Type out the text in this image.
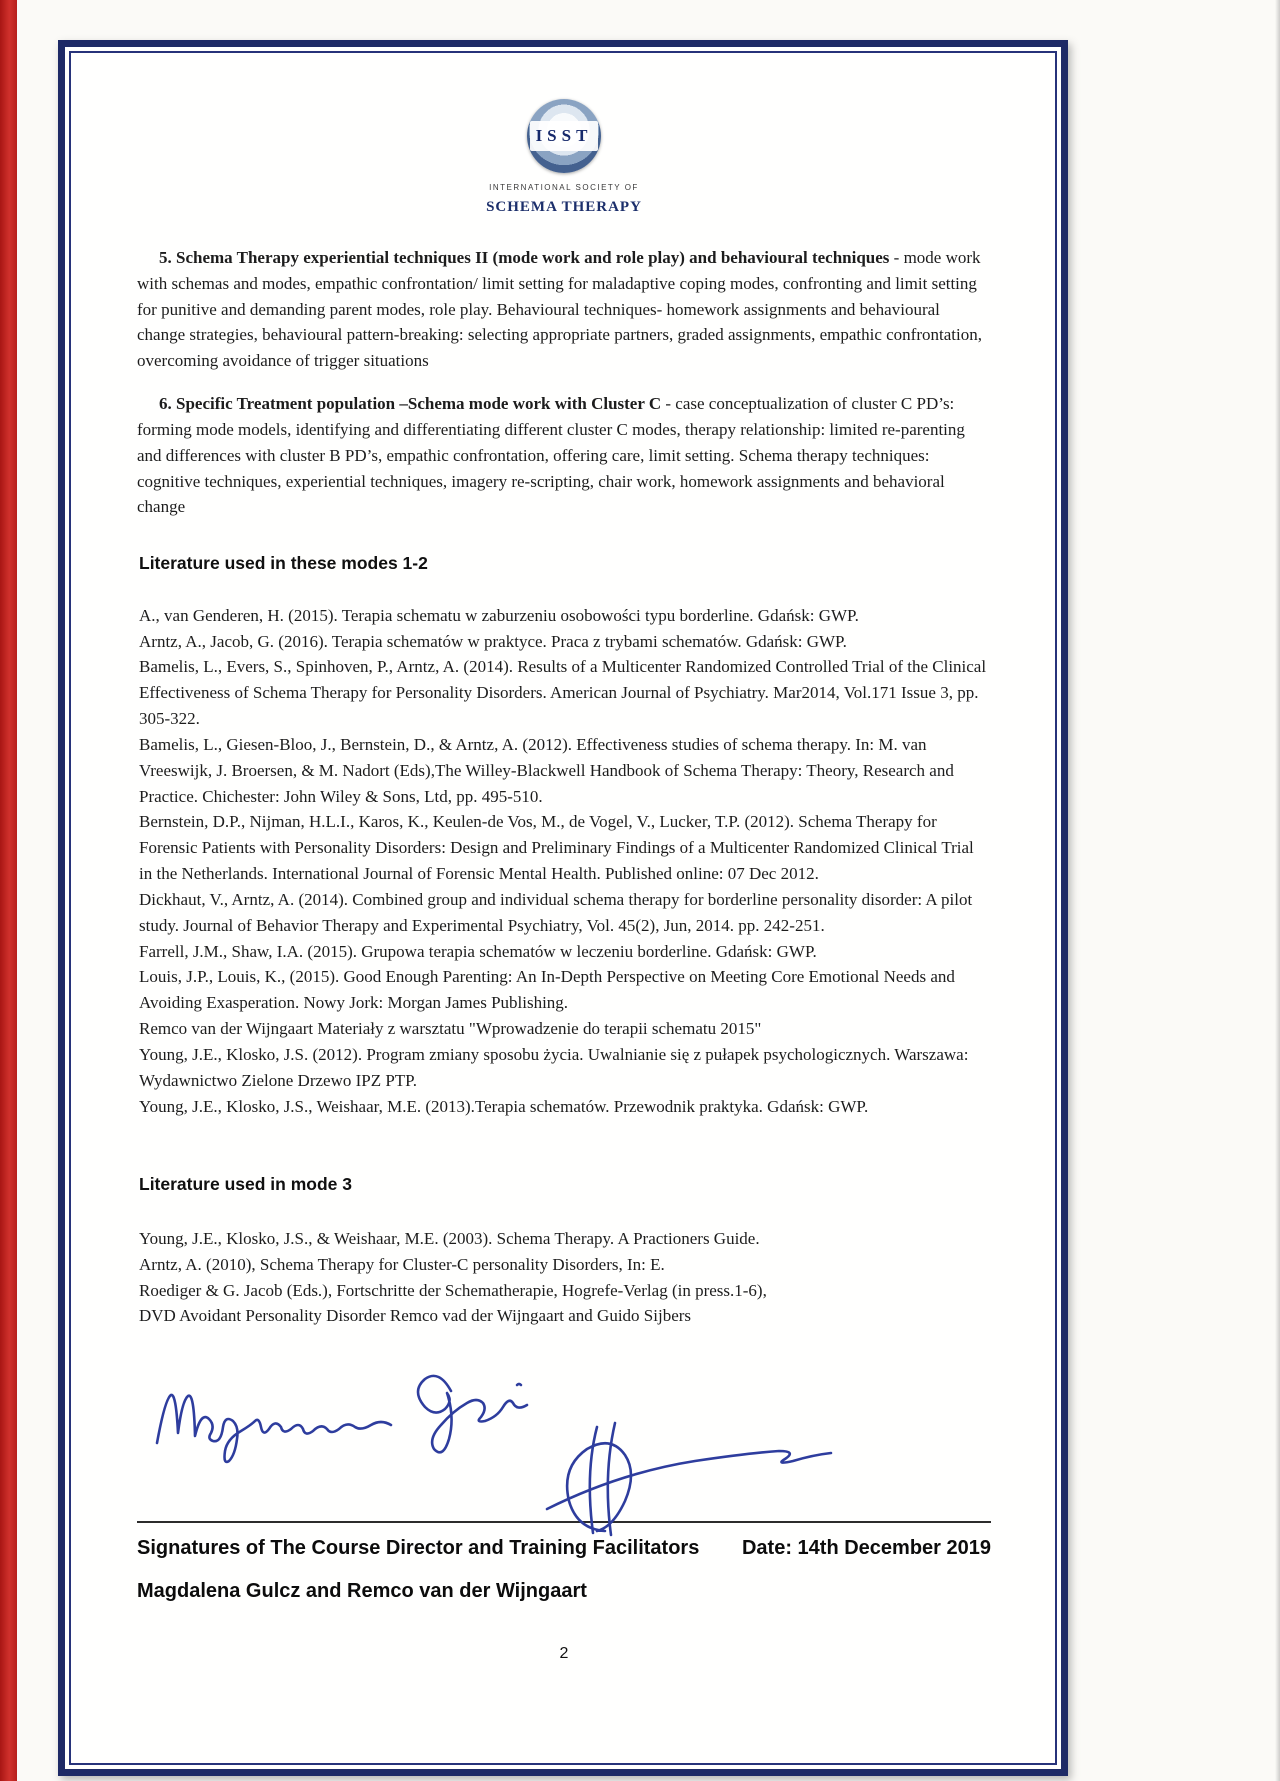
ISST
INTERNATIONAL SOCIETY OF
SCHEMA THERAPY

5. Schema Therapy experiential techniques II (mode work and role play) and behavioural techniques - mode work with schemas and modes, empathic confrontation/ limit setting for maladaptive coping modes, confronting and limit setting for punitive and demanding parent modes, role play. Behavioural techniques- homework assignments and behavioural change strategies, behavioural pattern-breaking: selecting appropriate partners, graded assignments, empathic confrontation, overcoming avoidance of trigger situations

6. Specific Treatment population –Schema mode work with Cluster C - case conceptualization of cluster C PD’s: forming mode models, identifying and differentiating different cluster C modes, therapy relationship: limited re-parenting and differences with cluster B PD’s, empathic confrontation, offering care, limit setting. Schema therapy techniques: cognitive techniques, experiential techniques, imagery re-scripting, chair work, homework assignments and behavioral change

Literature used in these modes 1-2

A., van Genderen, H. (2015). Terapia schematu w zaburzeniu osobowości typu borderline. Gdańsk: GWP.

Arntz, A., Jacob, G. (2016). Terapia schematów w praktyce. Praca z trybami schematów. Gdańsk: GWP.

Bamelis, L., Evers, S., Spinhoven, P., Arntz, A. (2014). Results of a Multicenter Randomized Controlled Trial of the Clinical Effectiveness of Schema Therapy for Personality Disorders. American Journal of Psychiatry. Mar2014, Vol.171 Issue 3, pp. 305-322.

Bamelis, L., Giesen-Bloo, J., Bernstein, D., & Arntz, A. (2012). Effectiveness studies of schema therapy. In: M. van Vreeswijk, J. Broersen, & M. Nadort (Eds),The Willey-Blackwell Handbook of Schema Therapy: Theory, Research and Practice. Chichester: John Wiley & Sons, Ltd, pp. 495-510.

Bernstein, D.P., Nijman, H.L.I., Karos, K., Keulen-de Vos, M., de Vogel, V., Lucker, T.P. (2012). Schema Therapy for Forensic Patients with Personality Disorders: Design and Preliminary Findings of a Multicenter Randomized Clinical Trial in the Netherlands. International Journal of Forensic Mental Health. Published online: 07 Dec 2012.

Dickhaut, V., Arntz, A. (2014). Combined group and individual schema therapy for borderline personality disorder: A pilot study. Journal of Behavior Therapy and Experimental Psychiatry, Vol. 45(2), Jun, 2014. pp. 242-251.

Farrell, J.M., Shaw, I.A. (2015). Grupowa terapia schematów w leczeniu borderline. Gdańsk: GWP.

Louis, J.P., Louis, K., (2015). Good Enough Parenting: An In-Depth Perspective on Meeting Core Emotional Needs and Avoiding Exasperation. Nowy Jork: Morgan James Publishing.

Remco van der Wijngaart Materiały z warsztatu "Wprowadzenie do terapii schematu 2015"

Young, J.E., Klosko, J.S. (2012). Program zmiany sposobu życia. Uwalnianie się z pułapek psychologicznych. Warszawa: Wydawnictwo Zielone Drzewo IPZ PTP.

Young, J.E., Klosko, J.S., Weishaar, M.E. (2013).Terapia schematów. Przewodnik praktyka. Gdańsk: GWP.

Literature used in mode 3

Young, J.E., Klosko, J.S., & Weishaar, M.E. (2003). Schema Therapy. A Practioners Guide.

Arntz, A. (2010), Schema Therapy for Cluster-C personality Disorders, In: E.

Roediger & G. Jacob (Eds.), Fortschritte der Schematherapie, Hogrefe-Verlag (in press.1-6),

DVD Avoidant Personality Disorder Remco vad der Wijngaart and Guido Sijbers

Signatures of The Course Director and Training Facilitators Date: 14th December 2019
Magdalena Gulcz and Remco van der Wijngaart
2
